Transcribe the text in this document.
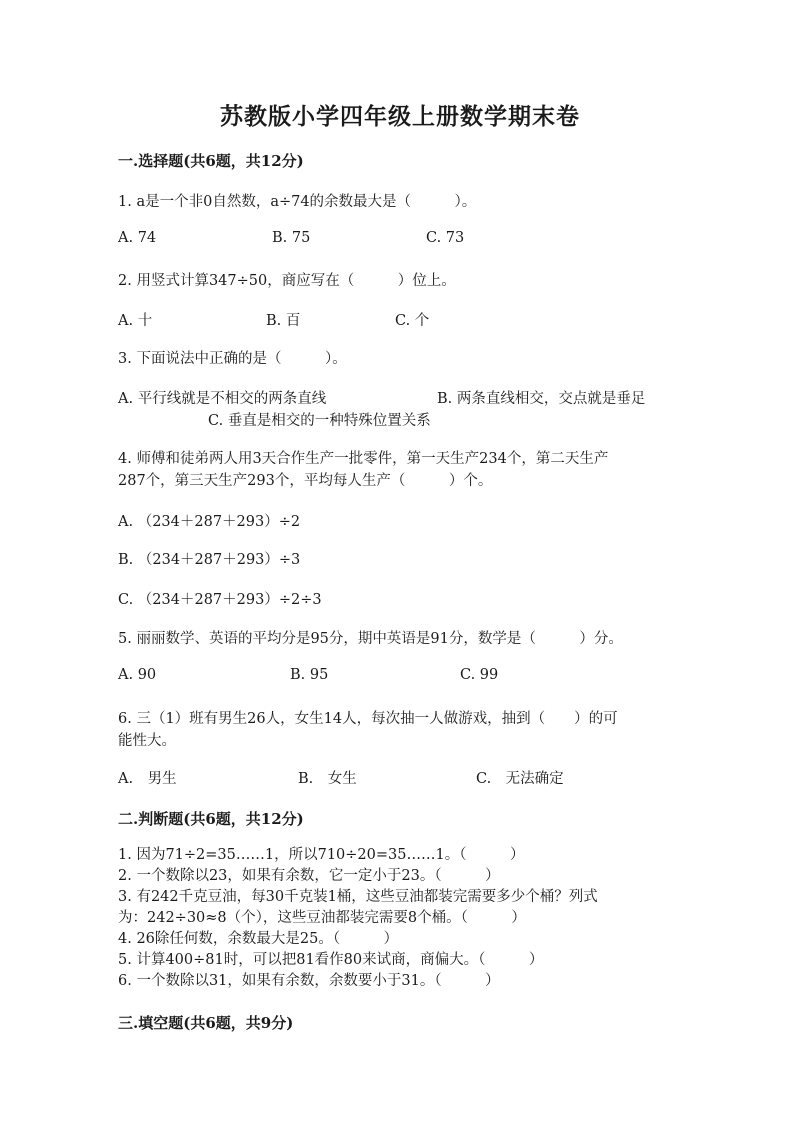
苏教版小学四年级上册数学期末卷
一.选择题(共6题，共12分)
1. a是一个非0自然数，a÷74的余数最大是（　　　）。
A. 74	B. 75	C. 73
2. 用竖式计算347÷50，商应写在（　　　）位上。
A. 十	B. 百	C. 个
3. 下面说法中正确的是（　　　）。
A. 平行线就是不相交的两条直线	B. 两条直线相交，交点就是垂足
C. 垂直是相交的一种特殊位置关系
4. 师傅和徒弟两人用3天合作生产一批零件，第一天生产234个，第二天生产
287个，第三天生产293个，平均每人生产（　　　）个。
A. （234＋287＋293）÷2
B. （234＋287＋293）÷3
C. （234＋287＋293）÷2÷3
5. 丽丽数学、英语的平均分是95分，期中英语是91分，数学是（　　　）分。
A. 90	B. 95	C. 99
6. 三（1）班有男生26人，女生14人，每次抽一人做游戏，抽到（　　）的可
能性大。
A.　男生	B.　女生	C.　无法确定
二.判断题(共6题，共12分)
1. 因为71÷2=35……1，所以710÷20=35……1。（　　　）
2. 一个数除以23，如果有余数，它一定小于23。（　　　）
3. 有242千克豆油，每30千克装1桶，这些豆油都装完需要多少个桶？列式
为：242÷30≈8（个），这些豆油都装完需要8个桶。（　　　）
4. 26除任何数，余数最大是25。（　　　）
5. 计算400÷81时，可以把81看作80来试商，商偏大。（　　　）
6. 一个数除以31，如果有余数，余数要小于31。（　　　）
三.填空题(共6题，共9分)
